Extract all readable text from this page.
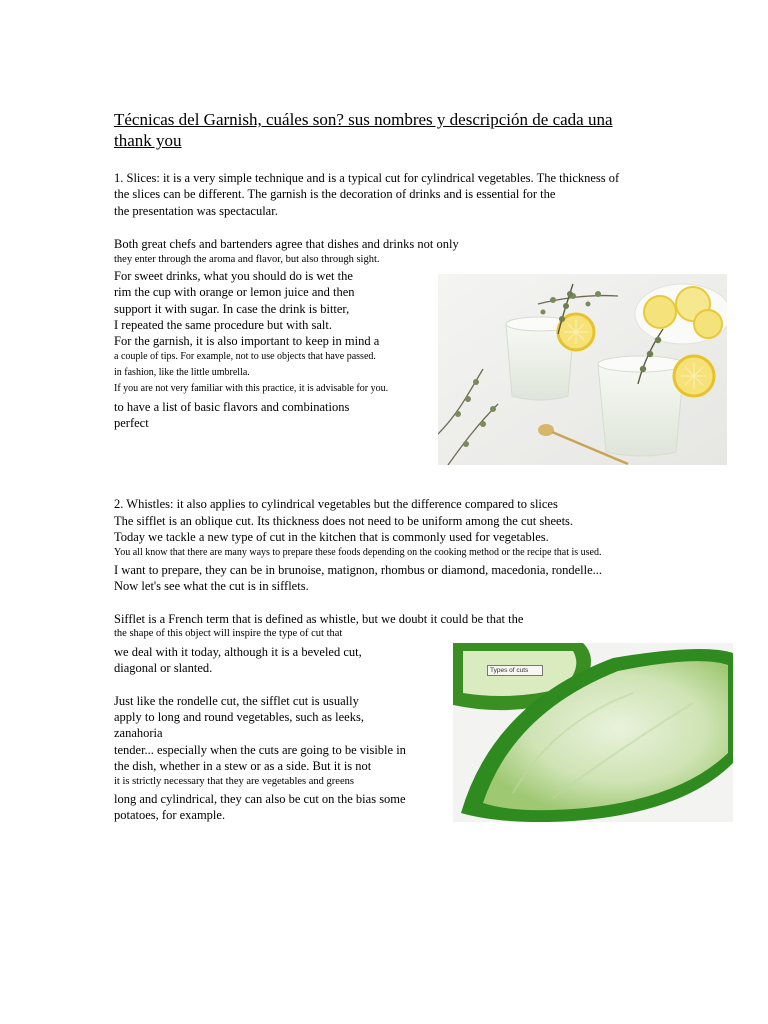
Técnicas del Garnish, cuáles son? sus nombres y descripción de cada una
thank you
1. Slices: it is a very simple technique and is a typical cut for cylindrical vegetables. The thickness of
the slices can be different. The garnish is the decoration of drinks and is essential for the
the presentation was spectacular.
Both great chefs and bartenders agree that dishes and drinks not only
they enter through the aroma and flavor, but also through sight.
For sweet drinks, what you should do is wet the
rim the cup with orange or lemon juice and then
support it with sugar. In case the drink is bitter,
I repeated the same procedure but with salt.
For the garnish, it is also important to keep in mind a
a couple of tips. For example, not to use objects that have passed.
in fashion, like the little umbrella.
If you are not very familiar with this practice, it is advisable for you.
to have a list of basic flavors and combinations
perfect
2. Whistles: it also applies to cylindrical vegetables but the difference compared to slices
The sifflet is an oblique cut. Its thickness does not need to be uniform among the cut sheets.
Today we tackle a new type of cut in the kitchen that is commonly used for vegetables.
You all know that there are many ways to prepare these foods depending on the cooking method or the recipe that is used.
I want to prepare, they can be in brunoise, matignon, rhombus or diamond, macedonia, rondelle...
Now let's see what the cut is in sifflets.
Sifflet is a French term that is defined as whistle, but we doubt it could be that the
the shape of this object will inspire the type of cut that
we deal with it today, although it is a beveled cut,
diagonal or slanted.
Just like the rondelle cut, the sifflet cut is usually
apply to long and round vegetables, such as leeks,
zanahoria
tender... especially when the cuts are going to be visible in
the dish, whether in a stew or as a side. But it is not
it is strictly necessary that they are vegetables and greens
long and cylindrical, they can also be cut on the bias some
potatoes, for example.
Types of cuts
